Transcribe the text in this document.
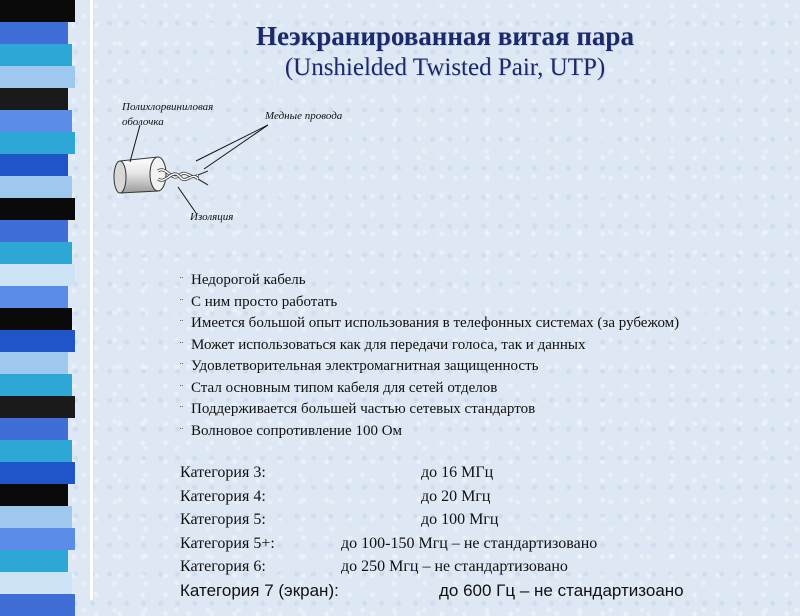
Неэкранированная витая пара
(Unshielded Twisted Pair, UTP)
Полихлорвиниловая
оболочка	Медные провода
Изоляция
¨ Недорогой кабель
¨ С ним просто работать
¨ Имеется большой опыт использования в телефонных системах (за рубежом)
¨ Может использоваться как для передачи голоса, так и данных
¨ Удовлетворительная электромагнитная защищенность
¨ Стал основным типом кабеля для сетей отделов
¨ Поддерживается большей частью сетевых стандартов
¨ Волновое сопротивление 100 Ом
Категория 3:	до 16 МГц
Категория 4:	до 20 Мгц
Категория 5:	до 100 Мгц
Категория 5+:	до 100-150 Мгц – не стандартизовано
Категория 6:	до 250 Мгц – не стандартизовано
Категория 7 (экран):	до 600 Гц – не стандартизоано
